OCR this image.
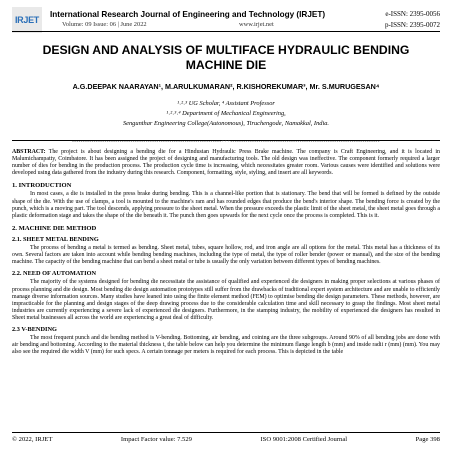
IRJET
International Research Journal of Engineering and Technology (IRJET)	e-ISSN: 2395-0056
Volume: 09 Issue: 06 | June 2022	www.irjet.net	p-ISSN: 2395-0072
DESIGN AND ANALYSIS OF MULTIFACE HYDRAULIC BENDING
MACHINE DIE
A.G.DEEPAK NAARAYAN¹, M.ARULKUMARAN², R.KISHOREKUMAR³, Mr. S.MURUGESAN⁴
¹˒²˒³ UG Scholar, ⁴ Assistant Professor
¹˒²˒³˒⁴ Department of Mechanical Engineering,
Sengunthar Engineering College(Autonomous), Tiruchengode, Namakkal, India.
---------------------------------------------------------------------***---------------------------------------------------------------------

ABSTRACT: The project is about designing a bending die for a Hindustan Hydraulic Press Brake machine. The company is Craft Engineering, and it is located in Malumichampatty, Coimbatore. It has been assigned the project of designing and manufacturing tools. The old design was ineffective. The component formerly required a larger number of dies for bending in the production process. The production cycle time is increasing, which necessitates greater room. Various causes were identified and solutions were developed using data gathered from the industry during this research. Component, formatting, style, styling, and insert are all keywords.

1. INTRODUCTION

In most cases, a die is installed in the press brake during bending. This is a channel-like portion that is stationary. The bend that will be formed is defined by the outside shape of the die. With the use of clamps, a tool is mounted to the machine's ram and has rounded edges that produce the bend's interior shape. The bending force is created by the punch, which is a moving part. The tool descends, applying pressure to the sheet metal. When the pressure exceeds the plastic limit of the sheet metal, the sheet metal goes through a plastic deformation stage and takes the shape of the die beneath it. The punch then goes upwards for the next cycle once the process is completed. This is it.

2. MACHINE DIE METHOD

2.1. SHEET METAL BENDING

The process of bending a metal is termed as bending. Sheet metal, tubes, square hollow, rod, and iron angle are all options for the metal. This metal has a thickness of its own. Several factors are taken into account while bending bending machines, including the type of metal, the type of roller bender (power or manual), and the size of the bending machine. The capacity of the bending machine that can bend a sheet metal or tube is usually the only variation between different types of bending machines.

2.2. NEED OF AUTOMATION

The majority of the systems designed for bending die necessitate the assistance of qualified and experienced die designers in making proper selections at various phases of process planning and die design. Most bending die design automation prototypes still suffer from the drawbacks of traditional expert system architecture and are unable to efficiently manage diverse information sources. Many studies have leaned into using the finite element method (FEM) to optimise bending die design parameters. These methods, however, are impracticable for the planning and design stages of the deep drawing process due to the considerable calculation time and skill necessary to grasp the findings. Most sheet metal industries are currently experiencing a severe lack of experienced die designers. Furthermore, in the stamping industry, the mobility of experienced die designers has resulted in Sheet metal businesses all across the world are experiencing a great deal of difficulty.

2.3 V-BENDING

The most frequent punch and die bending method is V-bending. Bottoming, air bending, and coining are the three subgroups. Around 90% of all bending jobs are done with air bending and bottoming. According to the material thickness t, the table below can help you determine the minimum flange length b (mm) and inside radii r (mm) (mm). You may also see the required die width V (mm) for such specs. A certain tonnage per meters is required for each process. This is depicted in the table

© 2022, IRJET	Impact Factor value: 7.529	ISO 9001:2008 Certified Journal	Page 398
